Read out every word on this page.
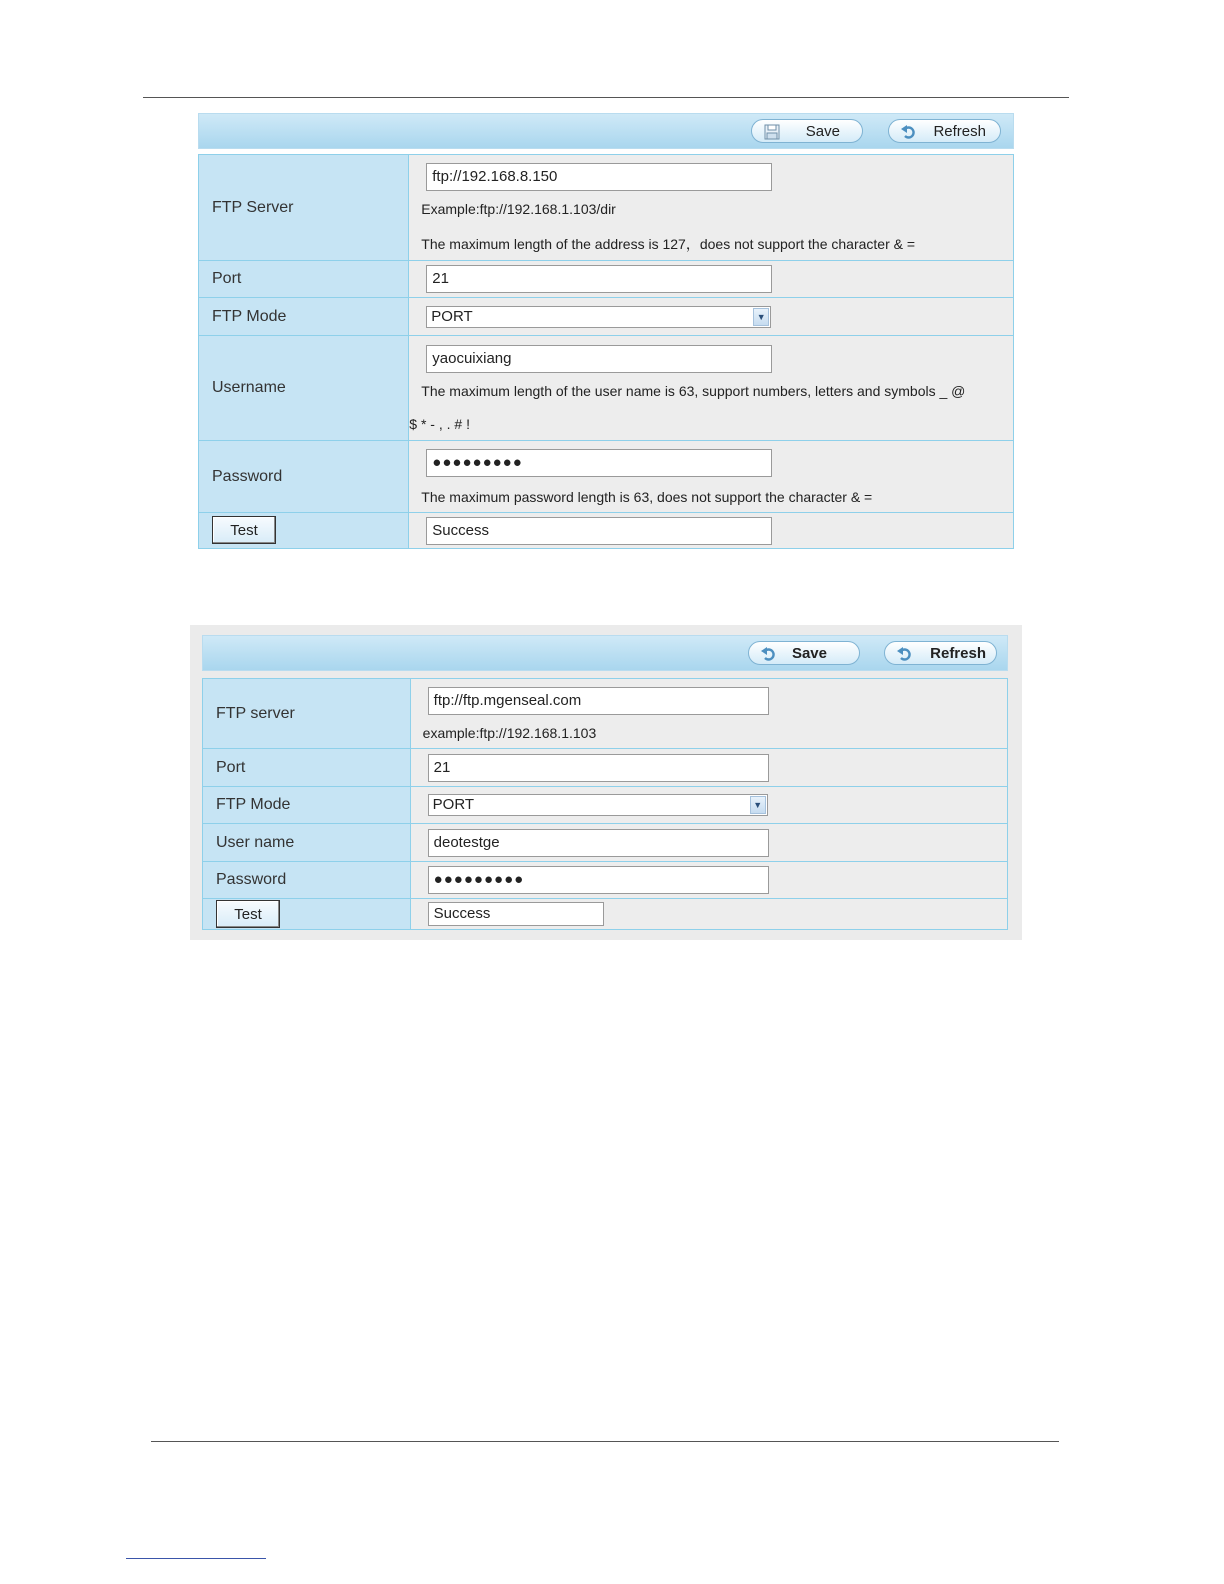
Save	Refresh
FTP Server	ftp://192.168.8.150
Example:ftp://192.168.1.103/dir
The maximum length of the address is 127，does not support the character & =

Port	21

FTP Mode	PORT ▼

Username	yaocuixiang
The maximum length of the user name is 63, support numbers, letters and symbols _ @
$ * - , . # !

Password	●●●●●●●●●
The maximum password length is 63, does not support the character & =

Test	Success
Save	Refresh
FTP server	ftp://ftp.mgenseal.com
example:ftp://192.168.1.103

Port	21

FTP Mode	PORT ▼

User name	deotestge

Password	●●●●●●●●●

Test	Success
